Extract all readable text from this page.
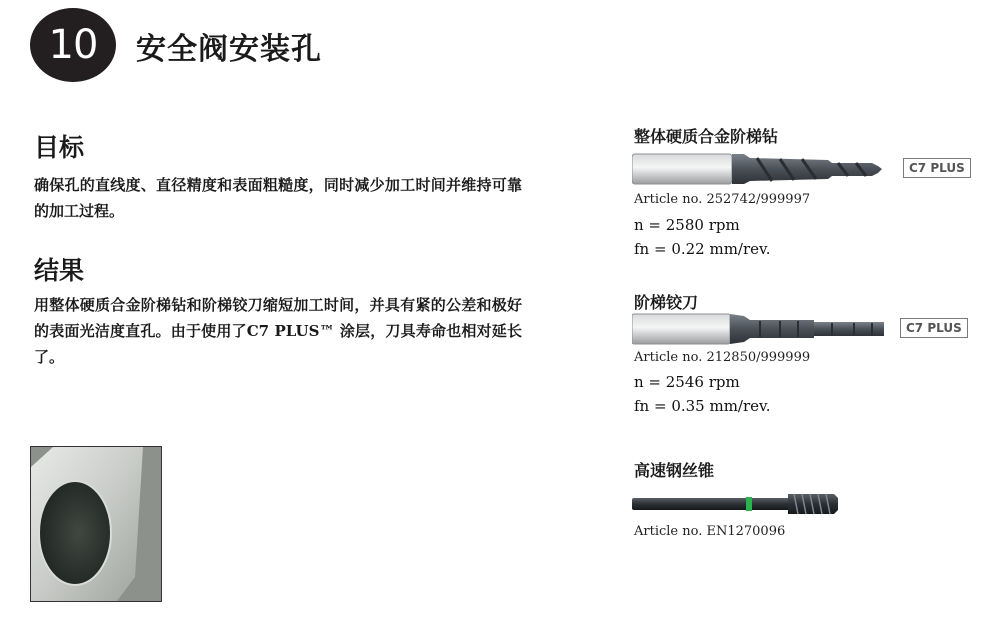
10 安全阀安装孔
目标
确保孔的直线度、直径精度和表面粗糙度，同时减少加工时间并维持可靠的加工过程。
结果
用整体硬质合金阶梯钻和阶梯铰刀缩短加工时间，并具有紧的公差和极好的表面光洁度直孔。由于使用了C7 PLUS™ 涂层，刀具寿命也相对延长了。
整体硬质合金阶梯钻
C7 PLUS
Article no. 252742/999997
n = 2580 rpm
fn = 0.22 mm/rev.
阶梯铰刀
C7 PLUS
Article no. 212850/999999
n = 2546 rpm
fn = 0.35 mm/rev.
高速钢丝锥
Article no. EN1270096
